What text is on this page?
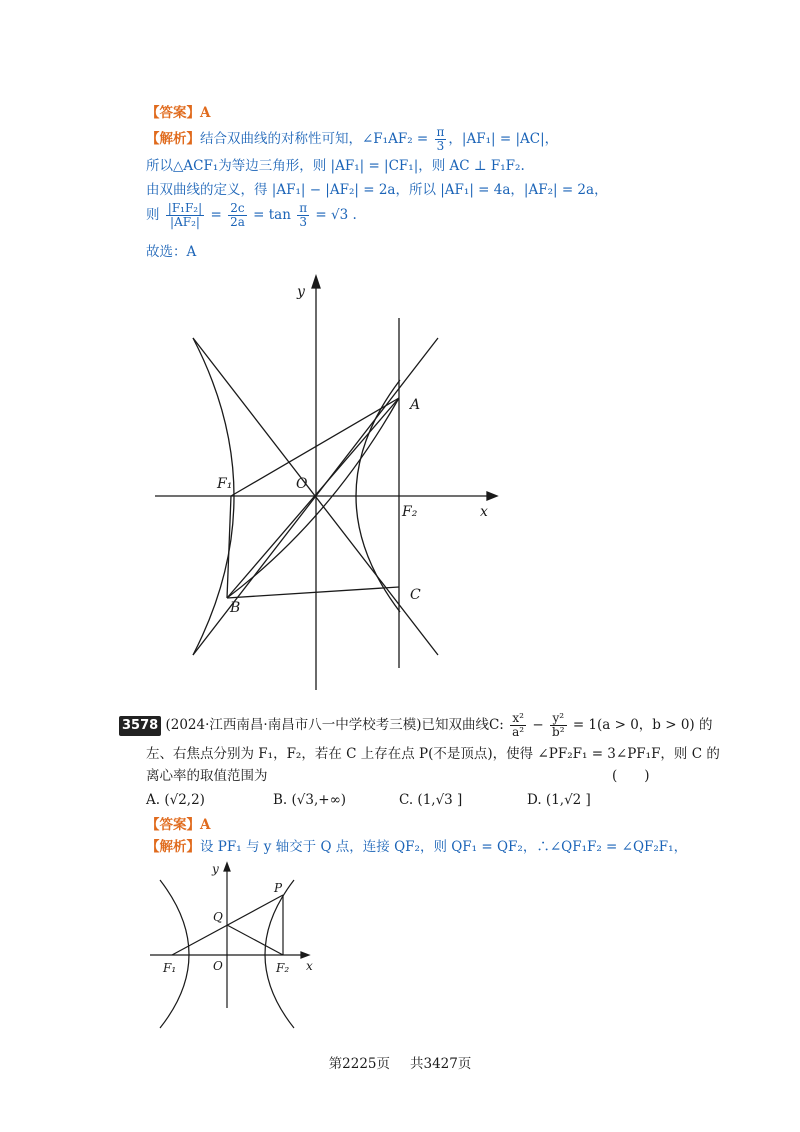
【答案】A
【解析】结合双曲线的对称性可知，∠F₁AF₂ = $\frac{\pi}{3}$ ，|AF₁| = |AC|，
所以△ACF₁为等边三角形，则 |AF₁| = |CF₁|，则 AC ⊥ F₁F₂.
由双曲线的定义，得 |AF₁| − |AF₂| = 2a，所以 |AF₁| = 4a，|AF₂| = 2a，
则 $\frac{\text{|F₁F₂|}}{\text{|AF₂|}} = \frac{2c}{2a} = \tan \frac{\pi}{3} = √3$ .
故选：A
y
x
O
F₁
F₂
A
B
C
3578 (2024·江西南昌·南昌市八一中学校考三模)已知双曲线C: $\frac{\text{x²}}{\text{a²}} - \frac{\text{y²}}{\text{b²}} = 1(a > 0$，b > 0) 的
左、右焦点分别为 F₁，F₂，若在 C 上存在点 P(不是顶点)，使得 ∠PF₂F₁ = 3∠PF₁F，则 C 的
离心率的取值范围为	(　　)
A. (√2,2)	B. (√3,+∞)	C. (1,√3 ]	D. (1,√2 ]
【答案】A
【解析】设 PF₁ 与 y 轴交于 Q 点，连接 QF₂，则 QF₁ = QF₂，∴∠QF₁F₂ = ∠QF₂F₁，
y
x
O
F₁	F₂
P
Q
第2225页 共3427页
